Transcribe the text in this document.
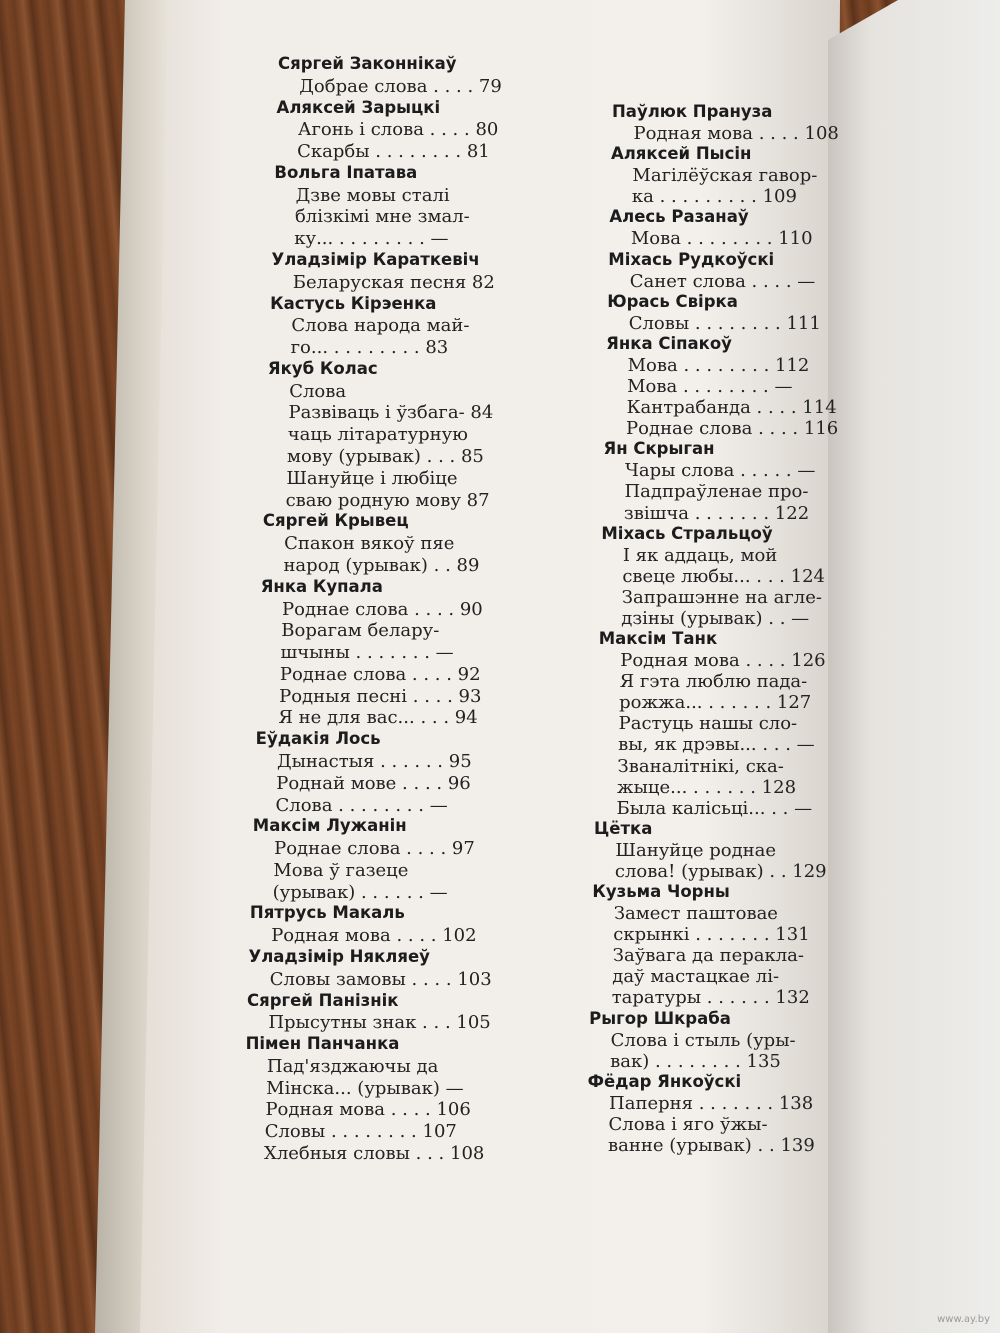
Сяргей Законнікаў
Добрае слова . . . . 79
Аляксей Зарыцкі
Агонь і слова . . . . 80
Скарбы . . . . . . . . 81
Вольга Іпатава
Дзве мовы сталі
блізкімі мне змал-
ку... . . . . . . . . —
Уладзімір Караткевіч
Беларуская песня 82
Кастусь Кірэенка
Слова народа май-
го... . . . . . . . . 83
Якуб Колас
Слова
Развіваць і ўзбага- 84
чаць літаратурную
мову (урывак) . . . 85
Шануйце і любіце
сваю родную мову 87
Сяргей Крывец
Спакон вякоў пяе
народ (урывак) . . 89
Янка Купала
Роднае слова . . . . 90
Ворагам белару-
шчыны . . . . . . . —
Роднае слова . . . . 92
Родныя песні . . . . 93
Я не для вас... . . . 94
Еўдакія Лось
Дынастыя . . . . . . 95
Роднай мове . . . . 96
Слова . . . . . . . . —
Максім Лужанін
Роднае слова . . . . 97
Мова ў газеце
(урывак) . . . . . . —
Пятрусь Макаль
Родная мова . . . . 102
Уладзімір Някляеў
Словы замовы . . . . 103
Сяргей Панізнік
Прысутны знак . . . 105
Пімен Панчанка
Пад'язджаючы да
Мінска... (урывак) —
Родная мова . . . . 106
Словы . . . . . . . . 107
Хлебныя словы . . . 108
Паўлюк Прануза
Родная мова . . . . 108
Аляксей Пысін
Магілёўская гавор-
ка . . . . . . . . . 109
Алесь Разанаў
Мова . . . . . . . . 110
Міхась Рудкоўскі
Санет слова . . . . —
Юрась Свірка
Словы . . . . . . . . 111
Янка Сіпакоў
Мова . . . . . . . . 112
Мова . . . . . . . . —
Кантрабанда . . . . 114
Роднае слова . . . . 116
Ян Скрыган
Чары слова . . . . . —
Падпраўленае про-
звішча . . . . . . . 122
Міхась Стральцоў
І як аддаць, мой
свеце любы... . . . 124
Запрашэнне на агле-
дзіны (урывак) . . —
Максім Танк
Родная мова . . . . 126
Я гэта люблю пада-
рожжа... . . . . . . 127
Растуць нашы сло-
вы, як дрэвы... . . . —
Званалітнікі, ска-
жыце... . . . . . . 128
Была калісьці... . . —
Цётка
Шануйце роднае
слова! (урывак) . . 129
Кузьма Чорны
Замест паштовае
скрынкі . . . . . . . 131
Заўвага да перакла-
даў мастацкае лі-
таратуры . . . . . . 132
Рыгор Шкраба
Слова і стыль (уры-
вак) . . . . . . . . 135
Фёдар Янкоўскі
Паперня . . . . . . . 138
Слова і яго ўжы-
ванне (урывак) . . 139
www.ay.by
